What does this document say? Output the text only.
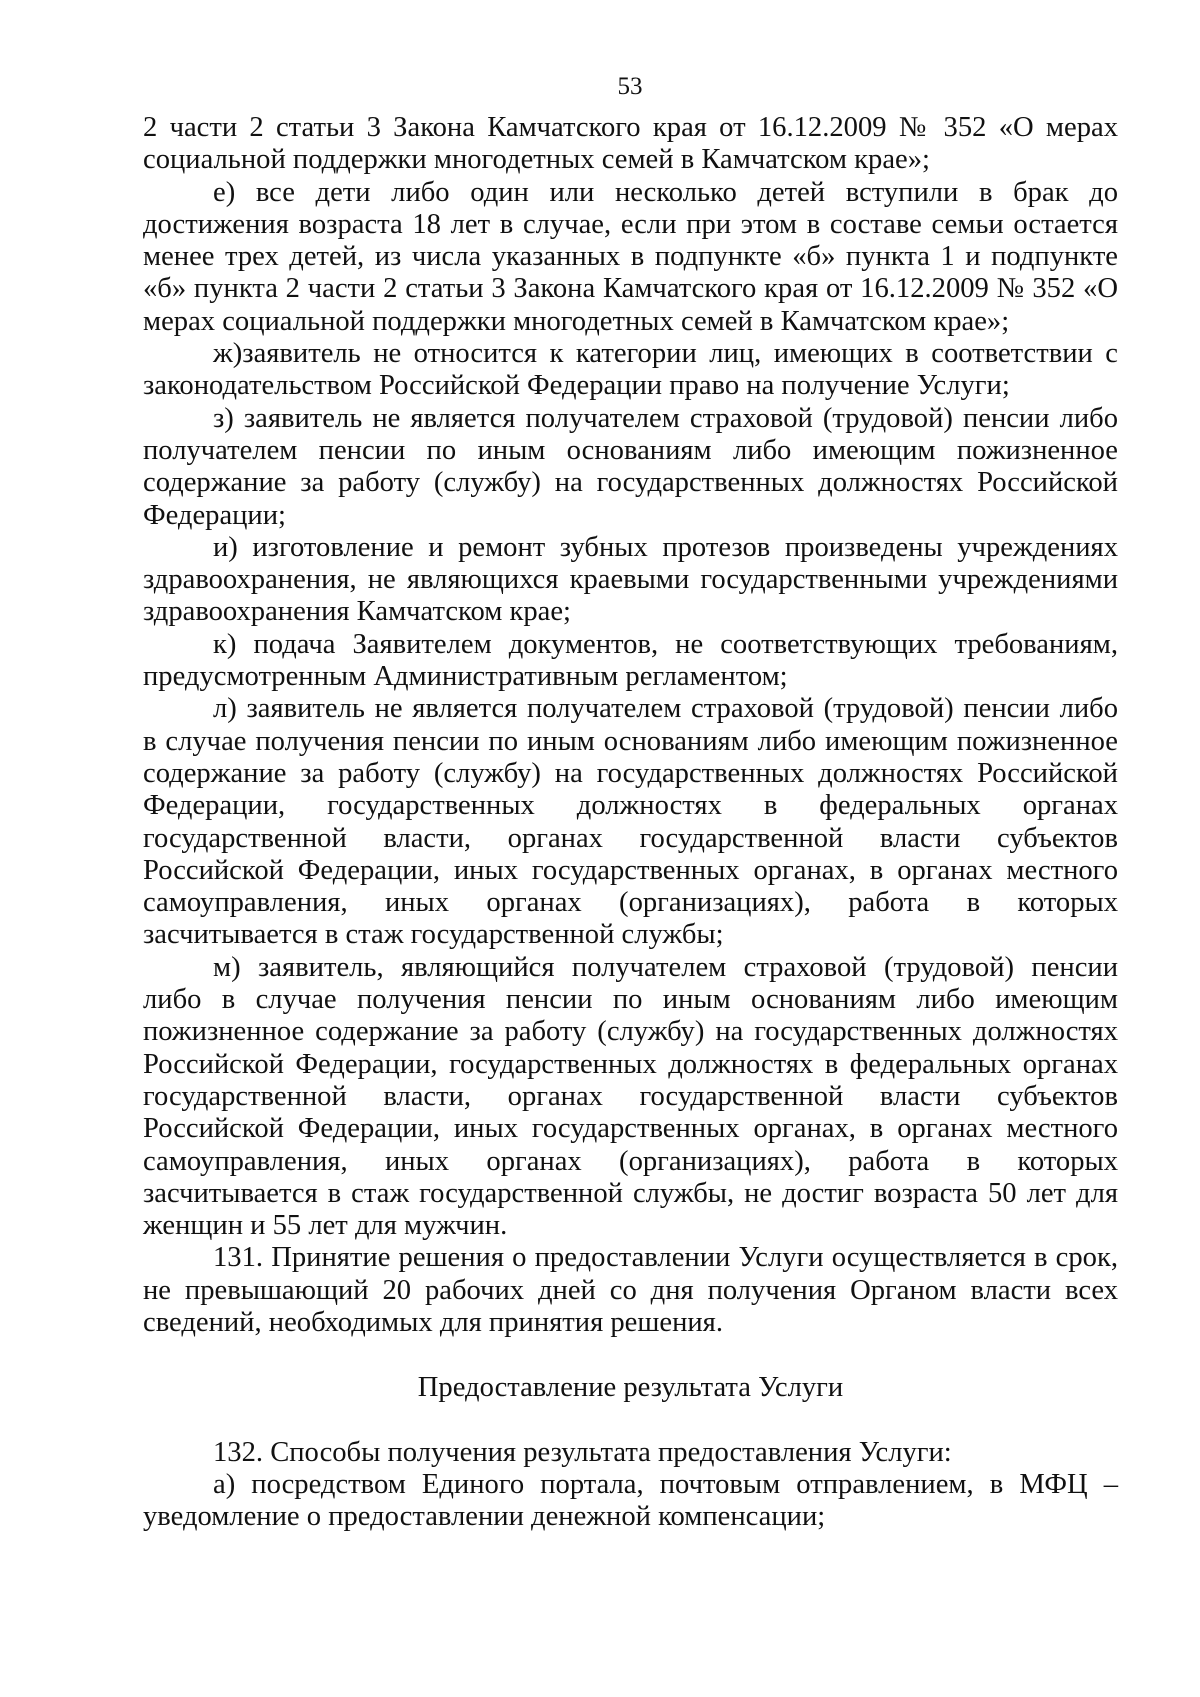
53

2 части 2 статьи 3 Закона Камчатского края от 16.12.2009 № 352 «О мерах социальной поддержки многодетных семей в Камчатском крае»;

е) все дети либо один или несколько детей вступили в брак до достижения возраста 18 лет в случае, если при этом в составе семьи остается менее трех детей, из числа указанных в подпункте «б» пункта 1 и подпункте «б» пункта 2 части 2 статьи 3 Закона Камчатского края от 16.12.2009 № 352 «О мерах социальной поддержки многодетных семей в Камчатском крае»;

ж)заявитель не относится к категории лиц, имеющих в соответствии с законодательством Российской Федерации право на получение Услуги;

з) заявитель не является получателем страховой (трудовой) пенсии либо получателем пенсии по иным основаниям либо имеющим пожизненное содержание за работу (службу) на государственных должностях Российской Федерации;

и) изготовление и ремонт зубных протезов произведены учреждениях здравоохранения, не являющихся краевыми государственными учреждениями здравоохранения Камчатском крае;

к) подача Заявителем документов, не соответствующих требованиям, предусмотренным Административным регламентом;

л) заявитель не является получателем страховой (трудовой) пенсии либо в случае получения пенсии по иным основаниям либо имеющим пожизненное содержание за работу (службу) на государственных должностях Российской Федерации, государственных должностях в федеральных органах государственной власти, органах государственной власти субъектов Российской Федерации, иных государственных органах, в органах местного самоуправления, иных органах (организациях), работа в которых засчитывается в стаж государственной службы;

м) заявитель, являющийся получателем страховой (трудовой) пенсии либо в случае получения пенсии по иным основаниям либо имеющим пожизненное содержание за работу (службу) на государственных должностях Российской Федерации, государственных должностях в федеральных органах государственной власти, органах государственной власти субъектов Российской Федерации, иных государственных органах, в органах местного самоуправления, иных органах (организациях), работа в которых засчитывается в стаж государственной службы, не достиг возраста 50 лет для женщин и 55 лет для мужчин.

131. Принятие решения о предоставлении Услуги осуществляется в срок, не превышающий 20 рабочих дней со дня получения Органом власти всех сведений, необходимых для принятия решения.

Предоставление результата Услуги

132. Способы получения результата предоставления Услуги:

а) посредством Единого портала, почтовым отправлением, в МФЦ – уведомление о предоставлении денежной компенсации;
